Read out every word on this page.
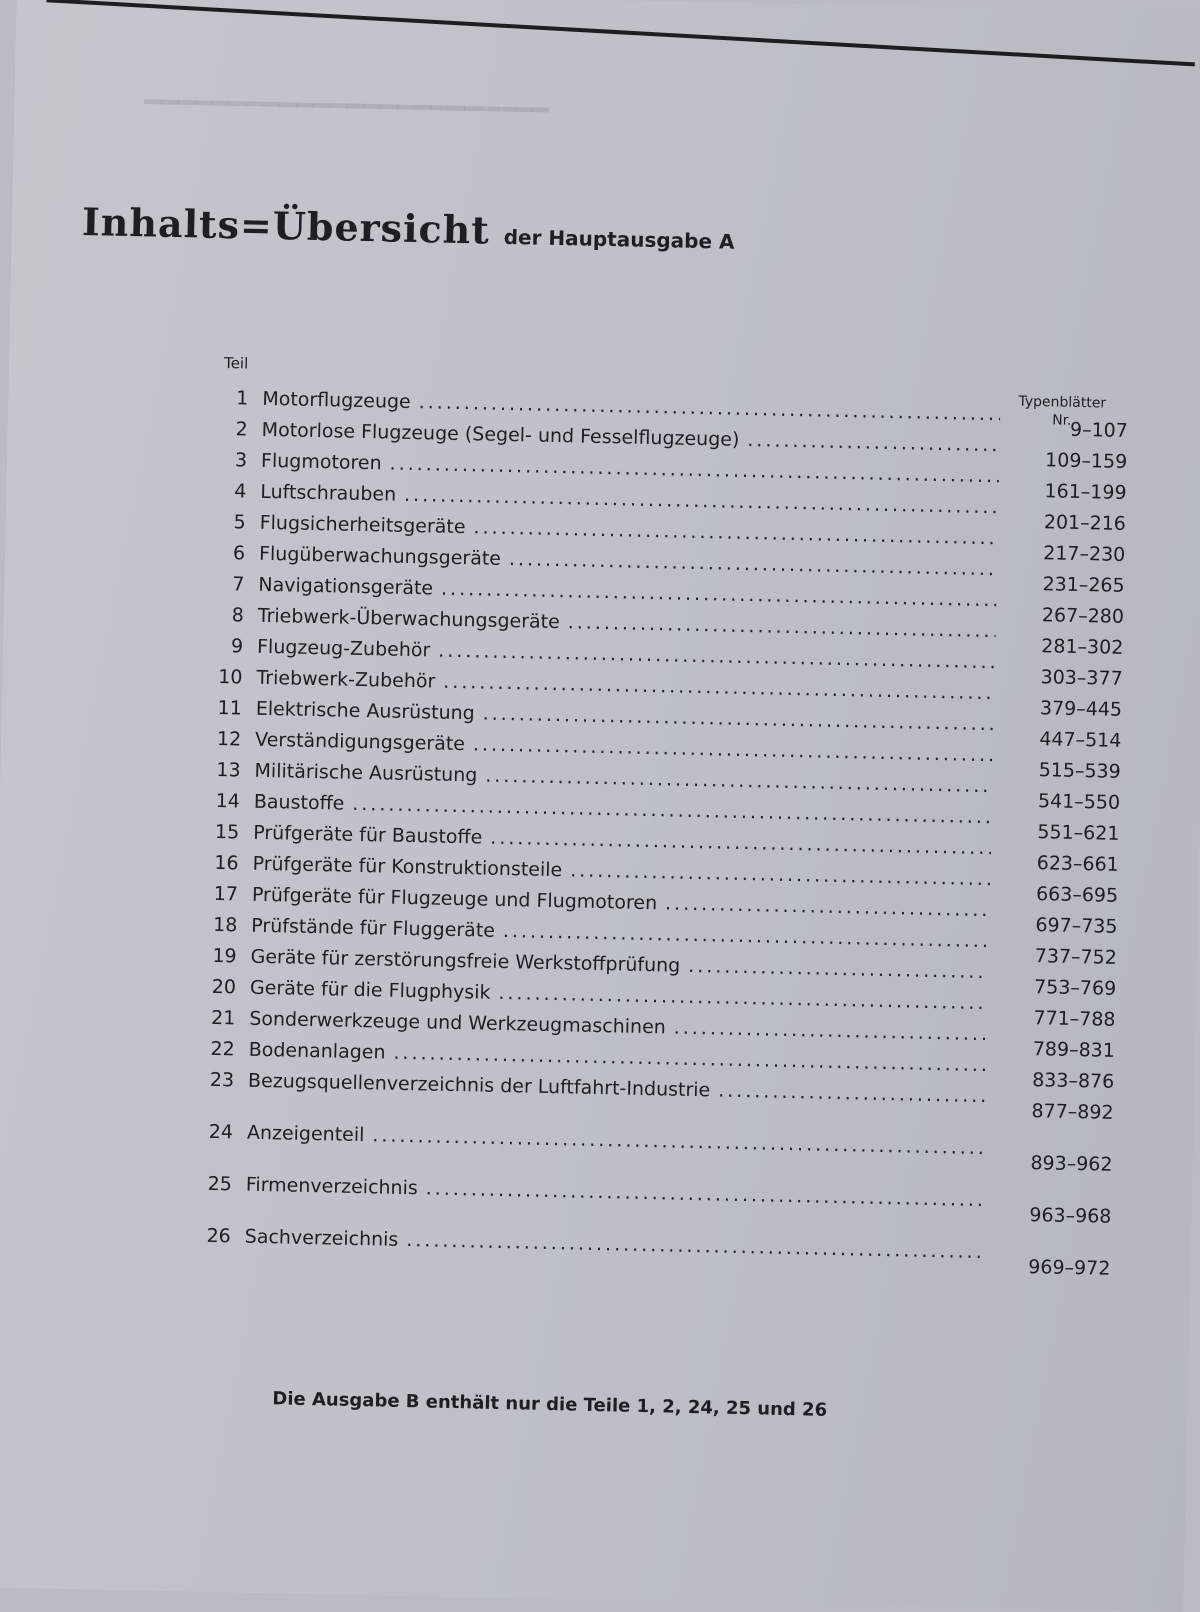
━━━━━━━━━━━━━━━━━━━━━━━━
Inhalts=Übersicht der Hauptausgabe A
Teil
Typenblätter
Nr.
1 Motorflugzeuge
.....
9–107
2 Motorlose Flugzeuge (Segel- und Fesselflugzeuge)
.....
109–159
3 Flugmotoren
.....
161–199
4 Luftschrauben
.....
201–216
5 Flugsicherheitsgeräte
.....
217–230
6 Flugüberwachungsgeräte
.....
231–265
7 Navigationsgeräte
.....
267–280
8 Triebwerk-Überwachungsgeräte
.....
281–302
9 Flugzeug-Zubehör
.....
303–377
10 Triebwerk-Zubehör
.....
379–445
11 Elektrische Ausrüstung
.....
447–514
12 Verständigungsgeräte
.....
515–539
13 Militärische Ausrüstung
.....
541–550
14 Baustoffe
.....
551–621
15 Prüfgeräte für Baustoffe
.....
623–661
16 Prüfgeräte für Konstruktionsteile
.....
663–695
17 Prüfgeräte für Flugzeuge und Flugmotoren
.....
697–735
18 Prüfstände für Fluggeräte
.....
737–752
19 Geräte für zerstörungsfreie Werkstoffprüfung
.....
753–769
20 Geräte für die Flugphysik
.....
771–788
21 Sonderwerkzeuge und Werkzeugmaschinen
.....
789–831
22 Bodenanlagen
.....
833–876
23 Bezugsquellenverzeichnis der Luftfahrt-Industrie
.....
877–892
24 Anzeigenteil
.....
893–962
25 Firmenverzeichnis
.....
963–968
26 Sachverzeichnis
.....
969–972
Die Ausgabe B enthält nur die Teile 1, 2, 24, 25 und 26
